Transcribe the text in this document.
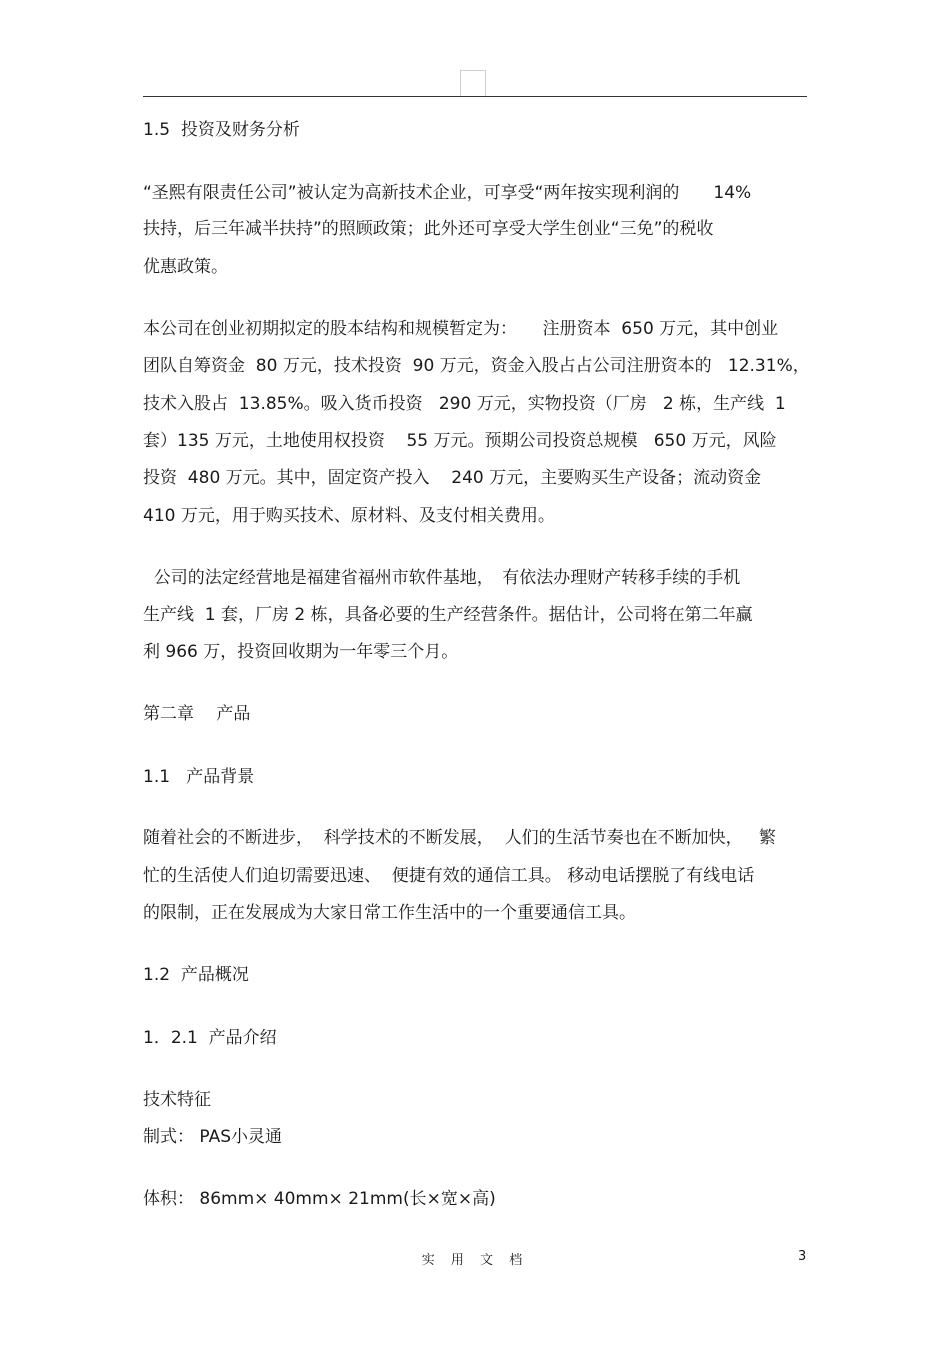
1.5  投资及财务分析

“圣熙有限责任公司”被认定为高新技术企业，可享受“两年按实现利润的　　14%

扶持，后三年减半扶持”的照顾政策；此外还可享受大学生创业“三免”的税收

优惠政策。

本公司在创业初期拟定的股本结构和规模暂定为：　　注册资本  650 万元，其中创业

团队自筹资金  80 万元，技术投资  90 万元，资金入股占占公司注册资本的   12.31%，

技术入股占  13.85%。吸入货币投资   290 万元，实物投资（厂房   2 栋，生产线  1

套）135 万元，土地使用权投资    55 万元。预期公司投资总规模   650 万元，风险

投资  480 万元。其中，固定资产投入    240 万元，主要购买生产设备；流动资金

410 万元，用于购买技术、原材料、及支付相关费用。

公司的法定经营地是福建省福州市软件基地，　有依法办理财产转移手续的手机

生产线  1 套，厂房 2 栋，具备必要的生产经营条件。据估计，公司将在第二年赢

利 966 万，投资回收期为一年零三个月。

第二章　 产品

1.1   产品背景

随着社会的不断进步，  科学技术的不断发展，  人们的生活节奏也在不断加快，   繁

忙的生活使人们迫切需要迅速、  便捷有效的通信工具。 移动电话摆脱了有线电话

的限制，正在发展成为大家日常工作生活中的一个重要通信工具。

1.2  产品概况

1．2.1  产品介绍

技术特征

制式： PAS小灵通

体积： 86mm× 40mm× 21mm(长×宽×高)

实 用 文 档	3
